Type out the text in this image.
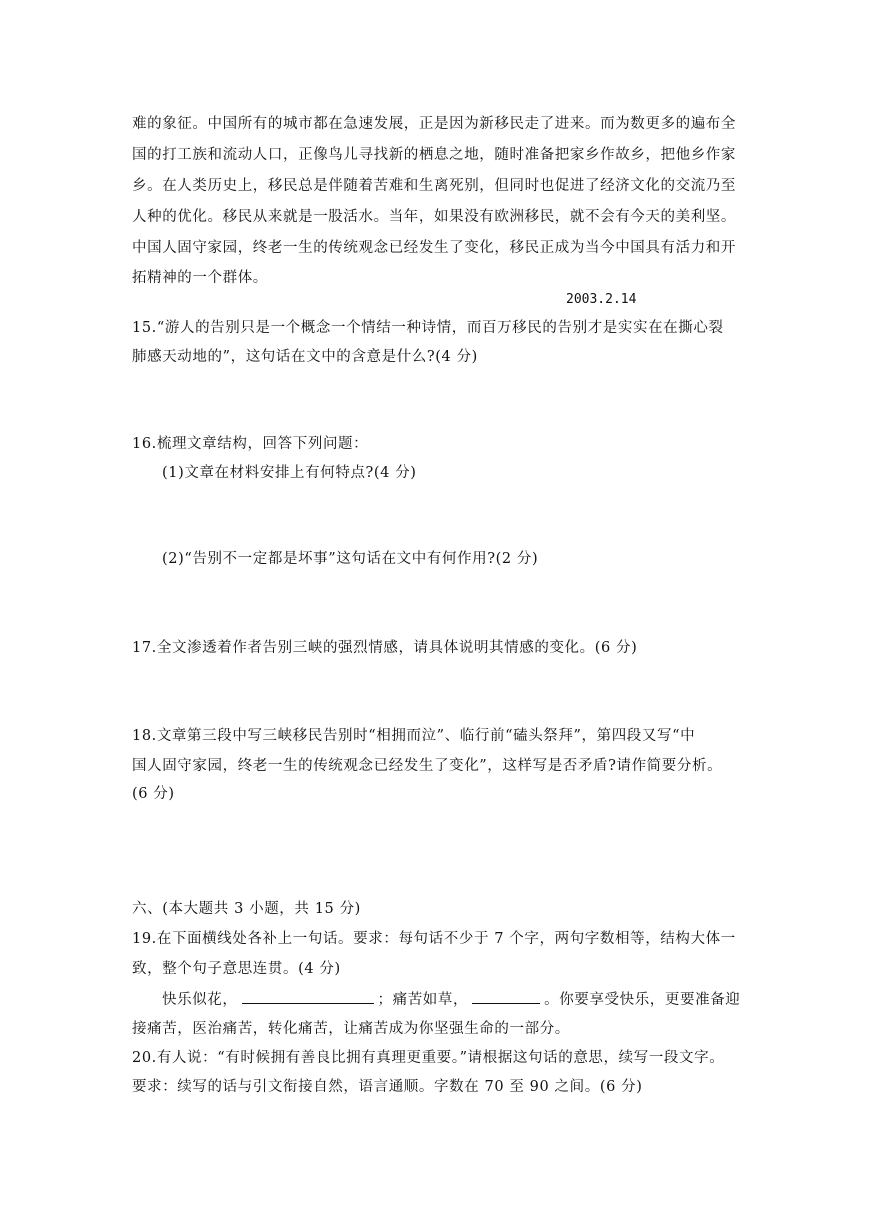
难的象征。中国所有的城市都在急速发展，正是因为新移民走了进来。而为数更多的遍布全
国的打工族和流动人口，正像鸟儿寻找新的栖息之地，随时准备把家乡作故乡，把他乡作家
乡。在人类历史上，移民总是伴随着苦难和生离死别，但同时也促进了经济文化的交流乃至
人种的优化。移民从来就是一股活水。当年，如果没有欧洲移民，就不会有今天的美利坚。
中国人固守家园，终老一生的传统观念已经发生了变化，移民正成为当今中国具有活力和开
拓精神的一个群体。
2003.2.14
15.“游人的告别只是一个概念一个情结一种诗情，而百万移民的告别才是实实在在撕心裂
肺感天动地的”，这句话在文中的含意是什么?(4 分)
16.梳理文章结构，回答下列问题：
(1)文章在材料安排上有何特点?(4 分)
(2)“告别不一定都是坏事”这句话在文中有何作用?(2 分)
17.全文渗透着作者告别三峡的强烈情感，请具体说明其情感的变化。(6 分)
18.文章第三段中写三峡移民告别时“相拥而泣”、临行前“磕头祭拜”，第四段又写“中
国人固守家园，终老一生的传统观念已经发生了变化”，这样写是否矛盾?请作简要分析。
(6 分)
六、(本大题共 3 小题，共 15 分)
19.在下面横线处各补上一句话。要求：每句话不少于 7 个字，两句字数相等，结构大体一
致，整个句子意思连贯。(4 分)
快乐似花，	；痛苦如草，	。你要享受快乐，更要准备迎
接痛苦，医治痛苦，转化痛苦，让痛苦成为你坚强生命的一部分。
20.有人说：“有时候拥有善良比拥有真理更重要。”请根据这句话的意思，续写一段文字。
要求：续写的话与引文衔接自然，语言通顺。字数在 70 至 90 之间。(6 分)
